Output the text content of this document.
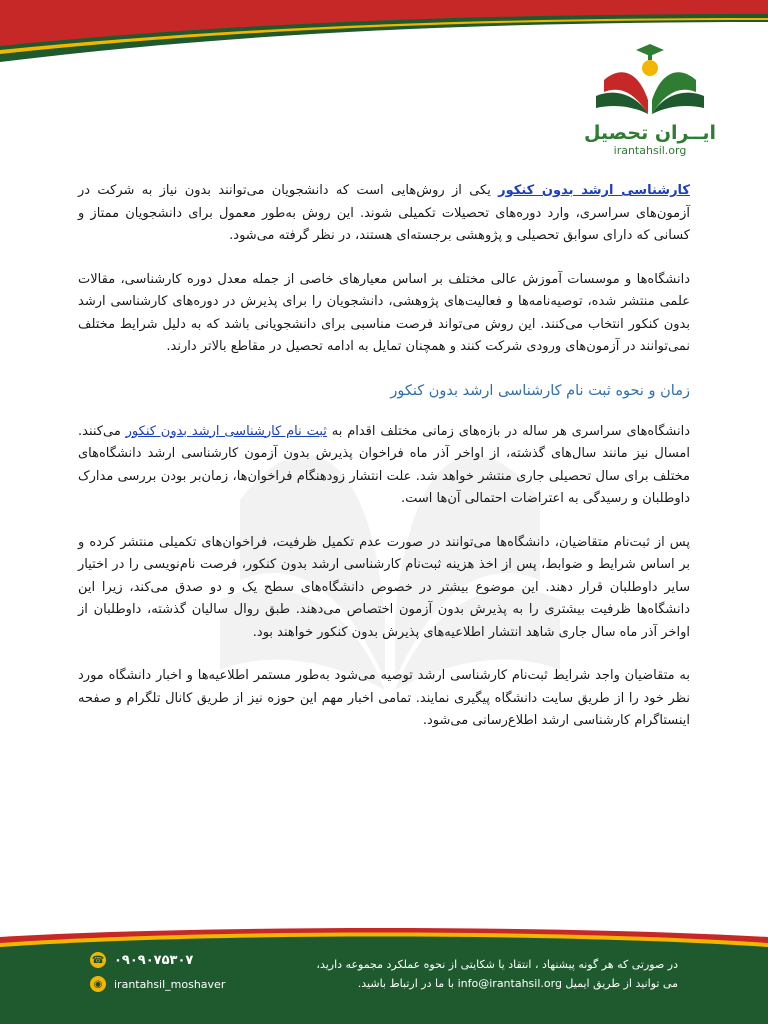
ایــران تحصیل
irantahsil.org

کارشناسی ارشد بدون کنکور یکی از روش‌هایی است که دانشجویان می‌توانند بدون نیاز به شرکت در آزمون‌های سراسری، وارد دوره‌های تحصیلات تکمیلی شوند. این روش به‌طور معمول برای دانشجویان ممتاز و کسانی که دارای سوابق تحصیلی و پژوهشی برجسته‌ای هستند، در نظر گرفته می‌شود.

دانشگاه‌ها و موسسات آموزش عالی مختلف بر اساس معیارهای خاصی از جمله معدل دوره کارشناسی، مقالات علمی منتشر شده، توصیه‌نامه‌ها و فعالیت‌های پژوهشی، دانشجویان را برای پذیرش در دوره‌های کارشناسی ارشد بدون کنکور انتخاب می‌کنند. این روش می‌تواند فرصت مناسبی برای دانشجویانی باشد که به دلیل شرایط مختلف نمی‌توانند در آزمون‌های ورودی شرکت کنند و همچنان تمایل به ادامه تحصیل در مقاطع بالاتر دارند.

زمان و نحوه ثبت نام کارشناسی ارشد بدون کنکور

دانشگاه‌های سراسری هر ساله در بازه‌های زمانی مختلف اقدام به ثبت نام کارشناسی ارشد بدون کنکور می‌کنند. امسال نیز مانند سال‌های گذشته، از اواخر آذر ماه فراخوان پذیرش بدون آزمون کارشناسی ارشد دانشگاه‌های مختلف برای سال تحصیلی جاری منتشر خواهد شد. علت انتشار زودهنگام فراخوان‌ها، زمان‌بر بودن بررسی مدارک داوطلبان و رسیدگی به اعتراضات احتمالی آن‌ها است.

پس از ثبت‌نام متقاضیان، دانشگاه‌ها می‌توانند در صورت عدم تکمیل ظرفیت، فراخوان‌های تکمیلی منتشر کرده و بر اساس شرایط و ضوابط، پس از اخذ هزینه ثبت‌نام کارشناسی ارشد بدون کنکور، فرصت نام‌نویسی را در اختیار سایر داوطلبان قرار دهند. این موضوع بیشتر در خصوص دانشگاه‌های سطح یک و دو صدق می‌کند، زیرا این دانشگاه‌ها ظرفیت بیشتری را به پذیرش بدون آزمون اختصاص می‌دهند. طبق روال سالیان گذشته، داوطلبان از اواخر آذر ماه سال جاری شاهد انتشار اطلاعیه‌های پذیرش بدون کنکور خواهند بود.

به متقاضیان واجد شرایط ثبت‌نام کارشناسی ارشد توصیه می‌شود به‌طور مستمر اطلاعیه‌ها و اخبار دانشگاه مورد نظر خود را از طریق سایت دانشگاه پیگیری نمایند. تمامی اخبار مهم این حوزه نیز از طریق کانال تلگرام و صفحه اینستاگرام کارشناسی ارشد اطلاع‌رسانی می‌شود.

در صورتی که هر گونه پیشنهاد ، انتقاد یا شکایتی از نحوه عملکرد مجموعه دارید،
می توانید از طریق ایمیل info@irantahsil.org با ما در ارتباط باشید.
☎ ۰۹۰۹۰۷۵۳۰۷
◉	irantahsil_moshaver
